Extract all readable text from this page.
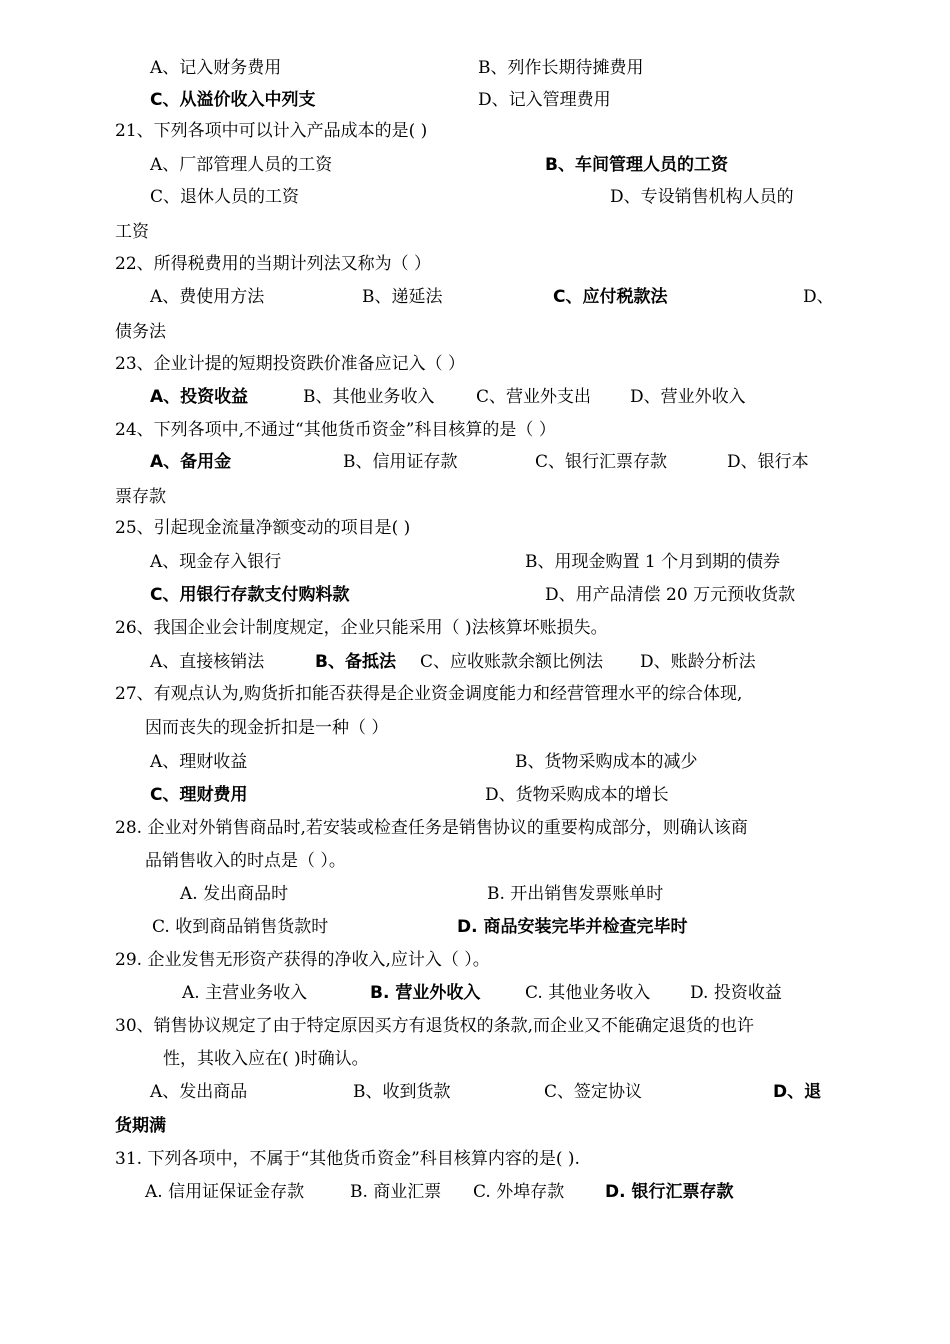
A、记入财务费用	B、列作长期待摊费用
C、从溢价收入中列支	D、记入管理费用
21、下列各项中可以计入产品成本的是( )
A、厂部管理人员的工资	B、车间管理人员的工资
C、退休人员的工资	D、专设销售机构人员的
工资
22、所得税费用的当期计列法又称为（ ）
A、费使用方法	B、递延法	C、应付税款法	D、
债务法
23、企业计提的短期投资跌价准备应记入（ ）
A、投资收益	B、其他业务收入 C、营业外支出 D、营业外收入
24、下列各项中,不通过“其他货币资金”科目核算的是（ ）
A、备用金	B、信用证存款	C、银行汇票存款	D、银行本
票存款
25、引起现金流量净额变动的项目是( )
A、现金存入银行	B、用现金购置 1 个月到期的债券
C、用银行存款支付购料款	D、用产品清偿 20 万元预收货款
26、我国企业会计制度规定，企业只能采用（ )法核算坏账损失。
A、直接核销法	B、备抵法 C、应收账款余额比例法 D、账龄分析法
27、有观点认为,购货折扣能否获得是企业资金调度能力和经营管理水平的综合体现,
因而丧失的现金折扣是一种（ ）
A、理财收益	B、货物采购成本的减少
C、理财费用	D、货物采购成本的增长
28. 企业对外销售商品时,若安装或检查任务是销售协议的重要构成部分，则确认该商
品销售收入的时点是（ ）。
A. 发出商品时	B. 开出销售发票账单时
C. 收到商品销售货款时	D. 商品安装完毕并检查完毕时
29. 企业发售无形资产获得的净收入,应计入（ ）。
A. 主营业务收入	B. 营业外收入	C. 其他业务收入 D. 投资收益
30、销售协议规定了由于特定原因买方有退货权的条款,而企业又不能确定退货的也许
性，其收入应在( )时确认。
A、发出商品	B、收到货款	C、签定协议	D、退
货期满
31. 下列各项中，不属于“其他货币资金”科目核算内容的是( ).
A. 信用证保证金存款	B. 商业汇票 C. 外埠存款 D. 银行汇票存款
